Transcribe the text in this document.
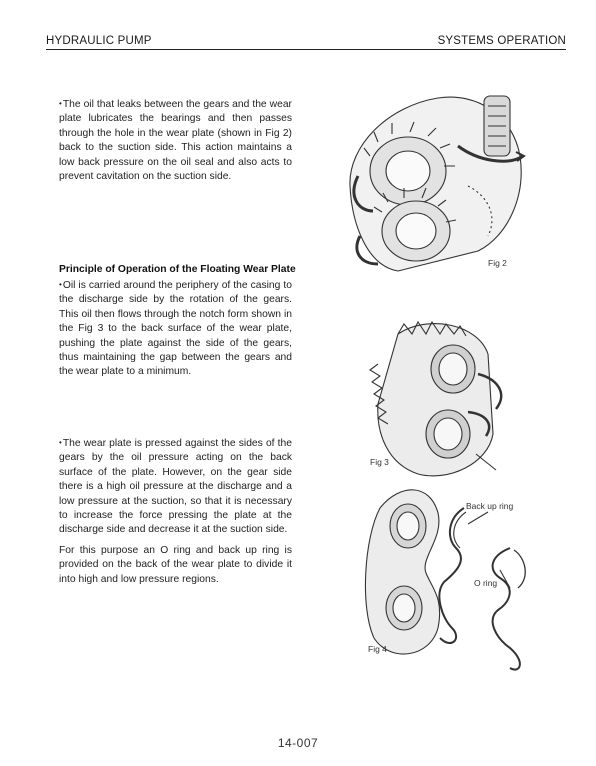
HYDRAULIC PUMP	SYSTEMS OPERATION
•The oil that leaks between the gears and the wear plate lubricates the bearings and then passes through the hole in the wear plate (shown in Fig 2) back to the suction side. This action maintains a low back pressure on the oil seal and also acts to prevent cavitation on the suction side.
Principle of Operation of the Floating Wear Plate
•Oil is carried around the periphery of the casing to the discharge side by the rotation of the gears. This oil then flows through the notch form shown in the Fig 3 to the back surface of the wear plate, pushing the plate against the side of the gears, thus maintaining the gap between the gears and the wear plate to a minimum.
•The wear plate is pressed against the sides of the gears by the oil pressure acting on the back surface of the plate. However, on the gear side there is a high oil pressure at the discharge and a low pressure at the suction, so that it is necessary to increase the force pressing the plate at the discharge side and decrease it at the suction side.
For this purpose an O ring and back up ring is provided on the back of the wear plate to divide it into high and low pressure regions.
Fig 2
Fig 3
Back up ring
O ring
Fig 4
14-007
